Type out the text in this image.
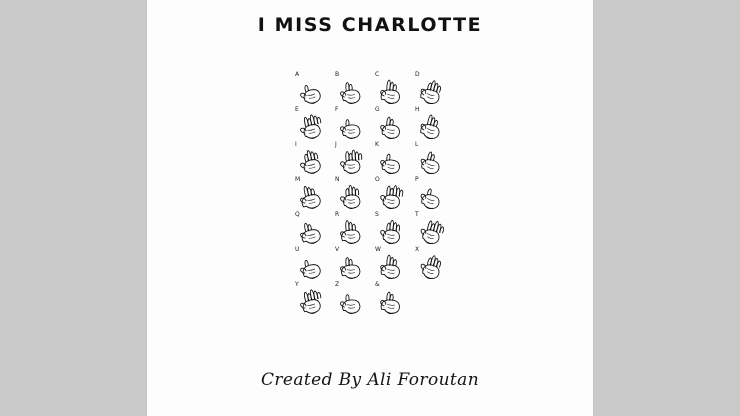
I MISS CHARLOTTE
A	B	C	D
E	F	G	H
I	J	K	L
M	N	O	P
Q	R	S	T
U	V	W	X
Y	Z	&
Created By Ali Foroutan
